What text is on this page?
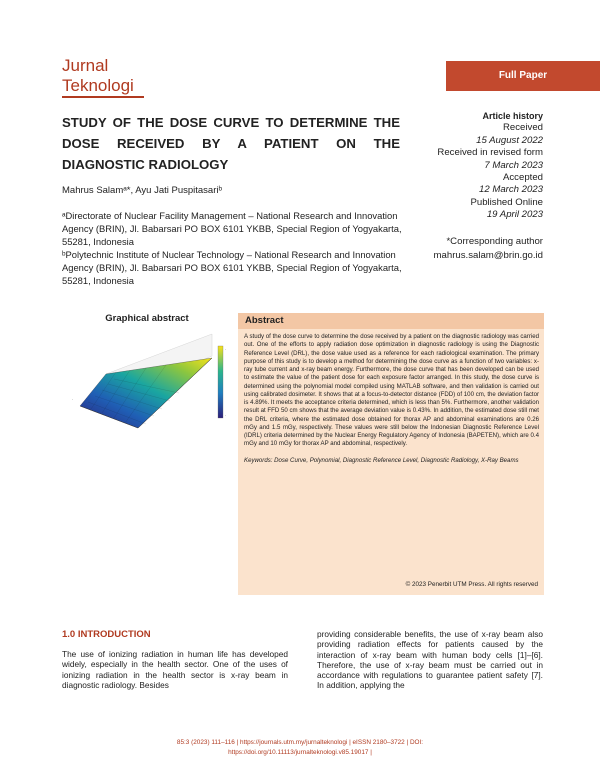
Jurnal
Teknologi
Full Paper
STUDY OF THE DOSE CURVE TO DETERMINE THE DOSE RECEIVED BY A PATIENT ON THE DIAGNOSTIC RADIOLOGY
Article history
Received
15 August 2022
Received in revised form
7 March 2023
Accepted
12 March 2023
Published Online
19 April 2023
*Corresponding author
mahrus.salam@brin.go.id
Mahrus Salamᵃ*, Ayu Jati Puspitasariᵇ

ᵃDirectorate of Nuclear Facility Management – National Research and Innovation Agency (BRIN), Jl. Babarsari PO BOX 6101 YKBB, Special Region of Yogyakarta, 55281, Indonesia

ᵇPolytechnic Institute of Nuclear Technology – National Research and Innovation Agency (BRIN), Jl. Babarsari PO BOX 6101 YKBB, Special Region of Yogyakarta, 55281, Indonesia

Graphical abstract
-
-
-
Abstract
A study of the dose curve to determine the dose received by a patient on the diagnostic radiology was carried out. One of the efforts to apply radiation dose optimization in diagnostic radiology is using the Diagnostic Reference Level (DRL), the dose value used as a reference for each radiological examination. The primary purpose of this study is to develop a method for determining the dose curve as a function of two variables: x-ray tube current and x-ray beam energy. Furthermore, the dose curve that has been developed can be used to estimate the value of the patient dose for each exposure factor arranged. In this study, the dose curve is determined using the polynomial model compiled using MATLAB software, and then validation is carried out using calibrated dosimeter. It shows that at a focus-to-detector distance (FDD) of 100 cm, the deviation factor is 4.89%. It meets the acceptance criteria determined, which is less than 5%. Furthermore, another validation result at FFD 50 cm shows that the average deviation value is 0.43%. In addition, the estimated dose still met the DRL criteria, where the estimated dose obtained for thorax AP and abdominal examinations are 0.26 mGy and 1.5 mGy, respectively. These values were still below the Indonesian Diagnostic Reference Level (IDRL) criteria determined by the Nuclear Energy Regulatory Agency of Indonesia (BAPETEN), which are 0.4 mGy and 10 mGy for thorax AP and abdominal, respectively.
Keywords: Dose Curve, Polynomial, Diagnostic Reference Level, Diagnostic Radiology, X-Ray Beams
© 2023 Penerbit UTM Press. All rights reserved
1.0 INTRODUCTION
The use of ionizing radiation in human life has developed widely, especially in the health sector. One of the uses of ionizing radiation in the health sector is x-ray beam in diagnostic radiology. Besides
providing considerable benefits, the use of x-ray beam also providing radiation effects for patients caused by the interaction of x-ray beam with human body cells [1]–[6]. Therefore, the use of x-ray beam must be carried out in accordance with regulations to guarantee patient safety [7]. In addition, applying the
85:3 (2023) 111–116 | https://journals.utm.my/jurnalteknologi | eISSN 2180–3722 | DOI:
https://doi.org/10.11113/jurnalteknologi.v85.19017 |
